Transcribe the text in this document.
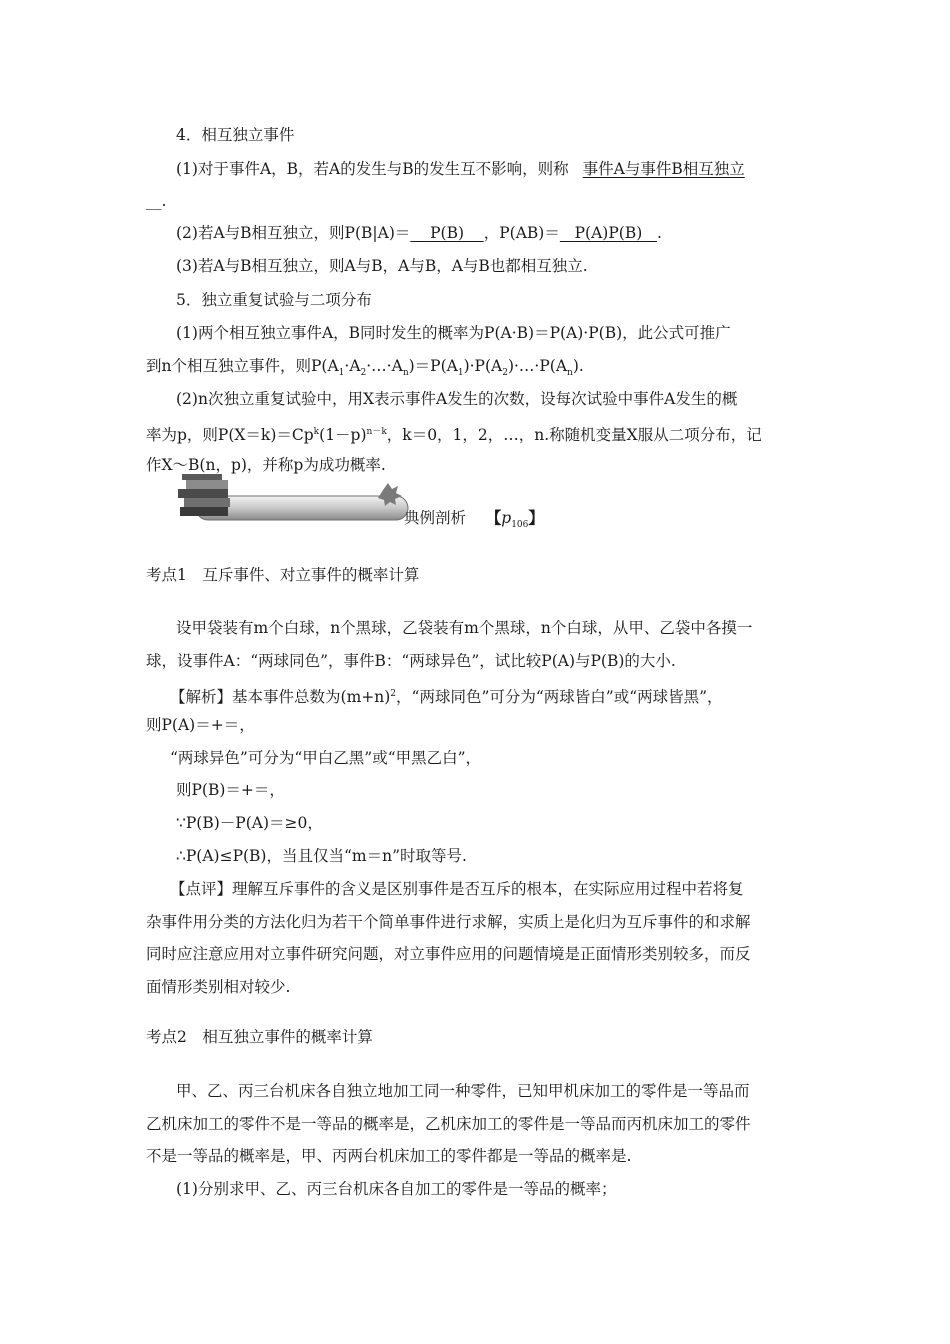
4．相互独立事件
(1)对于事件A，B，若A的发生与B的发生互不影响，则称 事件A与事件B相互独立
__.
(2)若A与B相互独立，则P(B|A)＝ P(B) ，P(AB)＝ P(A)P(B) .
(3)若A与B相互独立，则A与B，A与B，A与B也都相互独立.
5．独立重复试验与二项分布
(1)两个相互独立事件A，B同时发生的概率为P(A·B)＝P(A)·P(B)，此公式可推广
到n个相互独立事件，则$P(A_1\cdot A_2\cdot\dots\cdot A_n)=P(A_1)\cdot P(A_2)\cdot\dots\cdot P(A_n)$.
(2)n次独立重复试验中，用X表示事件A发生的次数，设每次试验中事件A发生的概
率为p，则$P(X=k)=Cp^k(1-p)^{n-k}$，k＝0，1，2，…，n.称随机变量X服从二项分布，记
作X～B(n，p)，并称p为成功概率.
典例剖析 【$p_{106}$】
考点1　互斥事件、对立事件的概率计算
设甲袋装有m个白球，n个黑球，乙袋装有m个黑球，n个白球，从甲、乙袋中各摸一
球，设事件A：“两球同色”，事件B：“两球异色”，试比较P(A)与P(B)的大小.
【解析】基本事件总数为$(m+n)^2$，“两球同色”可分为“两球皆白”或“两球皆黑”，
则P(A)＝+＝，
“两球异色”可分为“甲白乙黑”或“甲黑乙白”，
则P(B)＝+＝，
∵P(B)－P(A)＝≥0，
∴P(A)≤P(B)，当且仅当“m＝n”时取等号.
【点评】理解互斥事件的含义是区别事件是否互斥的根本，在实际应用过程中若将复
杂事件用分类的方法化归为若干个简单事件进行求解，实质上是化归为互斥事件的和求解
同时应注意应用对立事件研究问题，对立事件应用的问题情境是正面情形类别较多，而反
面情形类别相对较少.
考点2　相互独立事件的概率计算
甲、乙、丙三台机床各自独立地加工同一种零件，已知甲机床加工的零件是一等品而
乙机床加工的零件不是一等品的概率是，乙机床加工的零件是一等品而丙机床加工的零件
不是一等品的概率是，甲、丙两台机床加工的零件都是一等品的概率是.
(1)分别求甲、乙、丙三台机床各自加工的零件是一等品的概率；
